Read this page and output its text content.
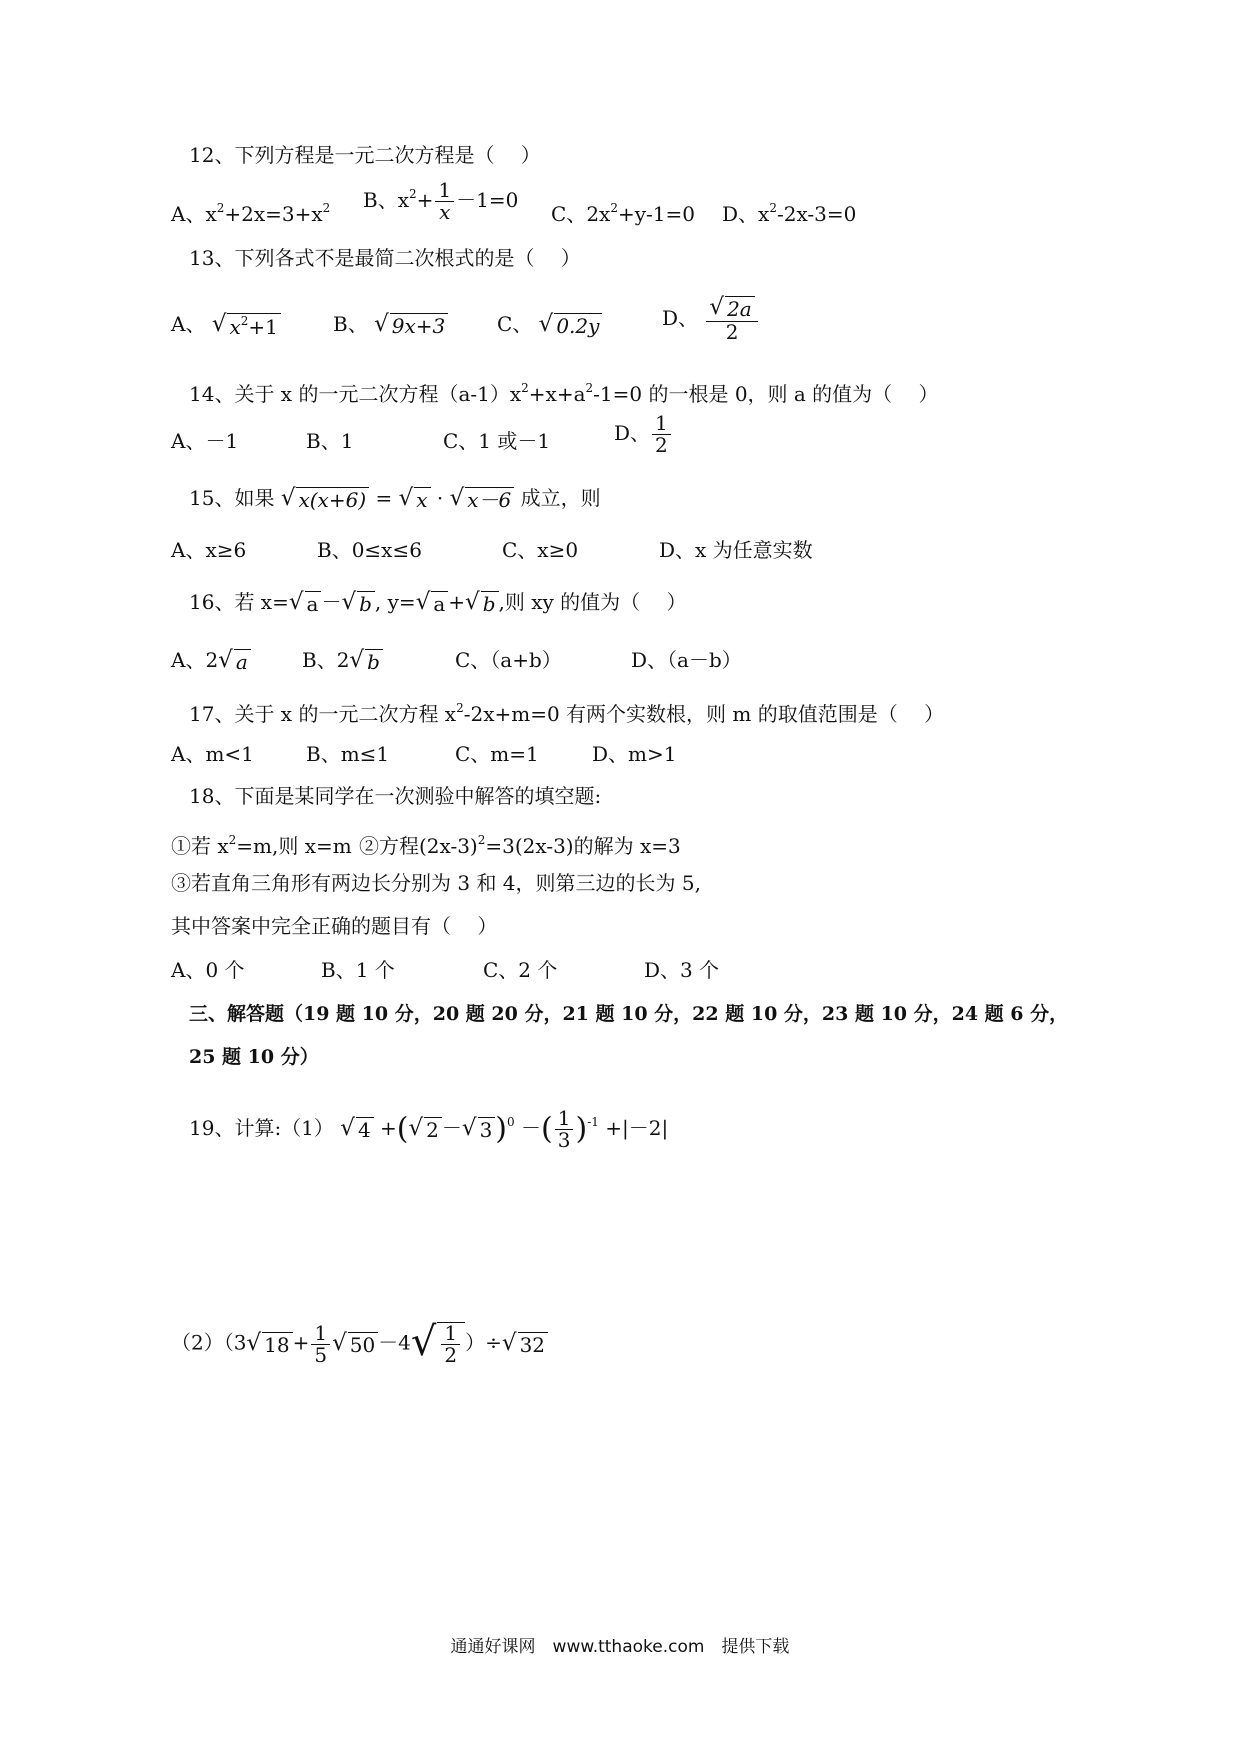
12、下列方程是一元二次方程是（　 ）
A、$x^2+2x=3+x^2$ B、$x^2+ \frac{1}{x} -1=0$
C、$2x^2+y-1=0$ D、$x^2-2x-3=0$
13、下列各式不是最简二次根式的是（　 ）
A、 √ $x^2+1$	B、 √ 9x+3	C、 √ 0.2y	D、 $\frac{√ 2a}{2}$
14、关于 x 的一元二次方程$(a-1)x^2+x+a^2-1=0$ 的一根是 0，则 a 的值为（　 ）
A、－1	B、1	C、1 或－1	D、 $\frac{1}{2}$
15、如果 √ x(x+6) = √ x · √ x－6 成立，则
A、x≥6	B、0≤x≤6	C、x≥0	D、x 为任意实数
16、若 x= √ a － √ b , y= √ a + √ b ,则 xy 的值为（　 ）
A、2 √ a	B、2 √ b	C、（a+b）	D、（a－b）
17、关于 x 的一元二次方程 $x^2-2x+m=0$ 有两个实数根，则 m 的取值范围是（　 ）
A、m<1	B、m≤1	C、m=1	D、m>1
18、下面是某同学在一次测验中解答的填空题:
①若 $x^2=m$,则 x=m ②方程$(2x-3)^2=3(2x-3)$的解为 x=3
③若直角三角形有两边长分别为 3 和 4，则第三边的长为 5,
其中答案中完全正确的题目有（　 ）
A、0 个	B、1 个	C、2 个	D、3 个
三、解答题（19 题 10 分，20 题 20 分，21 题 10 分，22 题 10 分，23 题 10 分，24 题 6 分，
25 题 10 分）
19、计算:（1） √ 4 +( √ 2 － √ 3 )$^0$ －( $\frac{1}{3} )^{-1} +|-2|$
（2）（3 √ $18 + \frac{1}{5}$ √ 50 －4 √ $\frac{1}{2}$ ）÷ √ 32
通通好课网　www.tthaoke.com　提供下载
